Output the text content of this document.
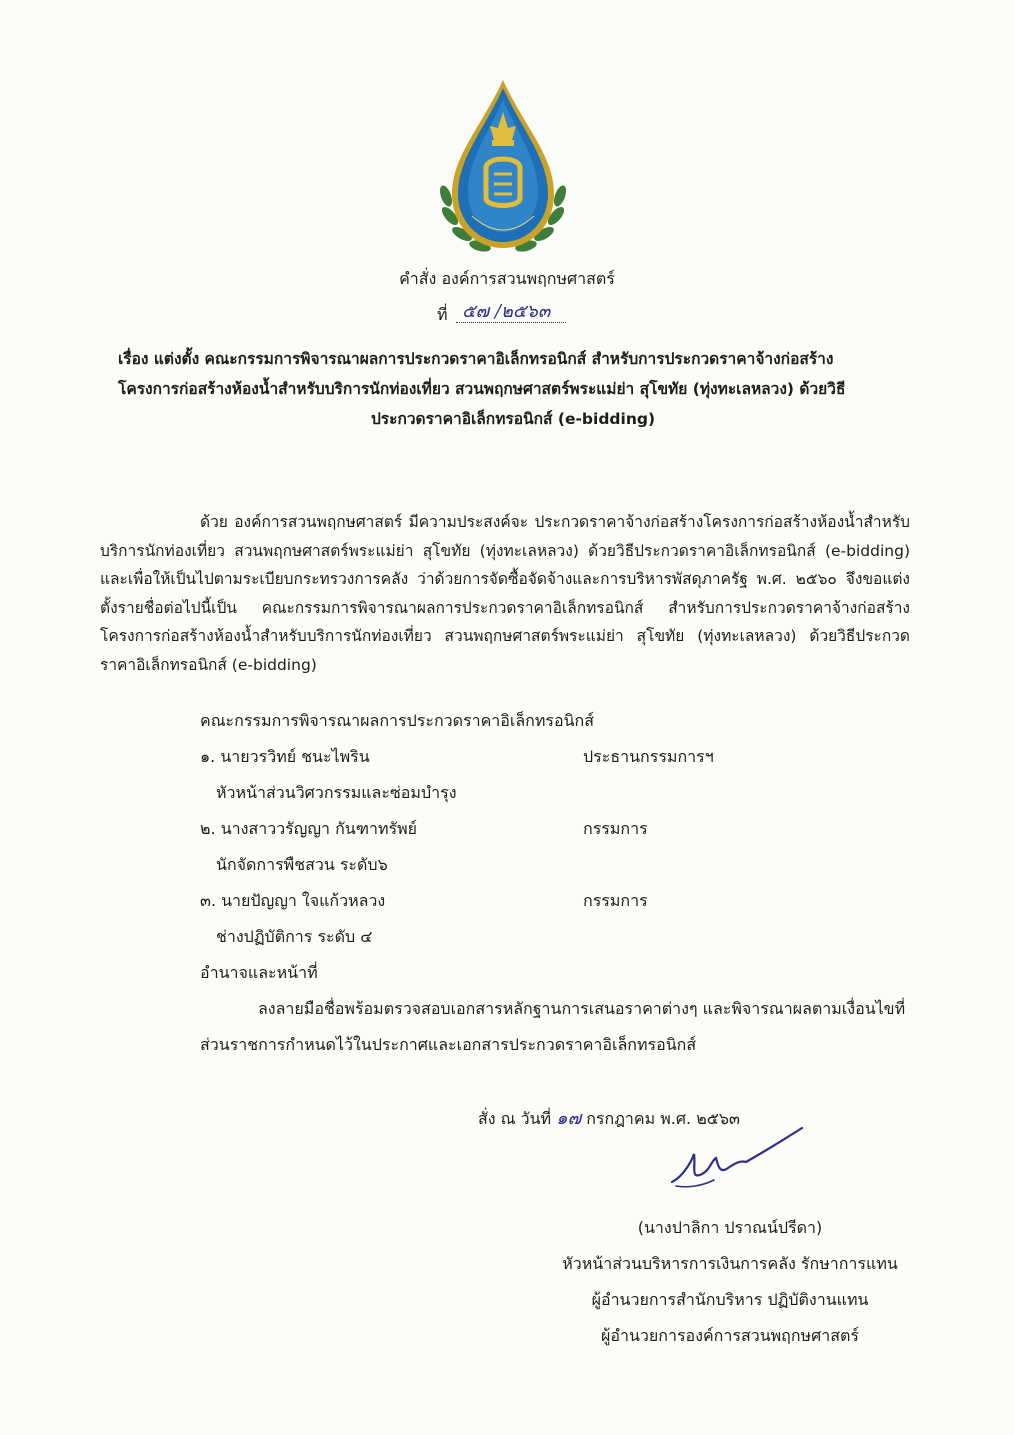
คำสั่ง องค์การสวนพฤกษศาสตร์
ที่ ๕๗ /๒๕๖๓
เรื่อง แต่งตั้ง คณะกรรมการพิจารณาผลการประกวดราคาอิเล็กทรอนิกส์ สำหรับการประกวดราคาจ้างก่อสร้าง
โครงการก่อสร้างห้องน้ำสำหรับบริการนักท่องเที่ยว สวนพฤกษศาสตร์พระแม่ย่า สุโขทัย (ทุ่งทะเลหลวง) ด้วยวิธี

ประกวดราคาอิเล็กทรอนิกส์ (e-bidding)
ด้วย องค์การสวนพฤกษศาสตร์ มีความประสงค์จะ ประกวดราคาจ้างก่อสร้างโครงการก่อสร้างห้องน้ำสำหรับบริการนักท่องเที่ยว สวนพฤกษศาสตร์พระแม่ย่า สุโขทัย (ทุ่งทะเลหลวง) ด้วยวิธีประกวดราคาอิเล็กทรอนิกส์ (e-bidding) และเพื่อให้เป็นไปตามระเบียบกระทรวงการคลัง ว่าด้วยการจัดซื้อจัดจ้างและการบริหารพัสดุภาครัฐ พ.ศ. ๒๕๖๐ จึงขอแต่งตั้งรายชื่อต่อไปนี้เป็น คณะกรรมการพิจารณาผลการประกวดราคาอิเล็กทรอนิกส์ สำหรับการประกวดราคาจ้างก่อสร้างโครงการก่อสร้างห้องน้ำสำหรับบริการนักท่องเที่ยว สวนพฤกษศาสตร์พระแม่ย่า สุโขทัย (ทุ่งทะเลหลวง) ด้วยวิธีประกวดราคาอิเล็กทรอนิกส์ (e-bidding)
คณะกรรมการพิจารณาผลการประกวดราคาอิเล็กทรอนิกส์
๑. นายวรวิทย์ ชนะไพริน	ประธานกรรมการฯ
หัวหน้าส่วนวิศวกรรมและซ่อมบำรุง
๒. นางสาววรัญญา กันฑาทรัพย์	กรรมการ
นักจัดการพืชสวน ระดับ๖
๓. นายปัญญา ใจแก้วหลวง	กรรมการ
ช่างปฏิบัติการ ระดับ ๔
อำนาจและหน้าที่
ลงลายมือชื่อพร้อมตรวจสอบเอกสารหลักฐานการเสนอราคาต่างๆ และพิจารณาผลตามเงื่อนไขที่
ส่วนราชการกำหนดไว้ในประกาศและเอกสารประกวดราคาอิเล็กทรอนิกส์
สั่ง ณ วันที่ ๑๗ กรกฎาคม พ.ศ. ๒๕๖๓
(นางปาลิกา ปราณน์ปรีดา)
หัวหน้าส่วนบริหารการเงินการคลัง รักษาการแทน
ผู้อำนวยการสำนักบริหาร ปฏิบัติงานแทน
ผู้อำนวยการองค์การสวนพฤกษศาสตร์
